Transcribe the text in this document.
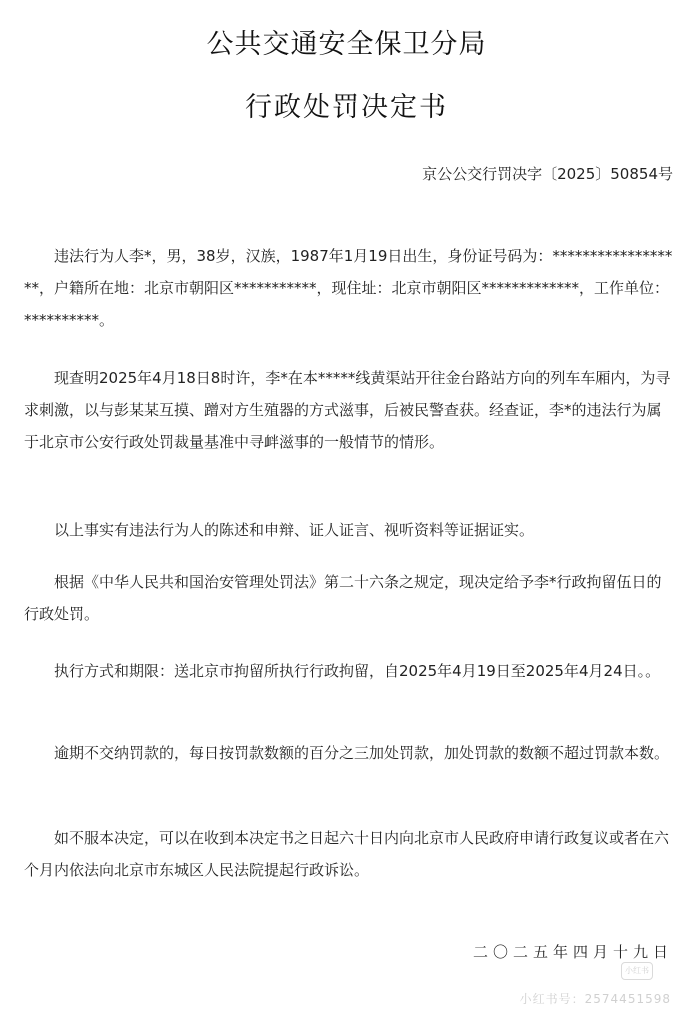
公共交通安全保卫分局
行政处罚决定书
京公公交行罚决字〔2025〕50854号
违法行为人李*，男，38岁，汉族，1987年1月19日出生，身份证号码为：******************，户籍所在地：北京市朝阳区***********，现住址：北京市朝阳区*************，工作单位：**********。
现查明2025年4月18日8时许，李*在本*****线黄渠站开往金台路站方向的列车车厢内，为寻求刺激，以与彭某某互摸、蹭对方生殖器的方式滋事，后被民警查获。经查证，李*的违法行为属于北京市公安行政处罚裁量基准中寻衅滋事的一般情节的情形。
以上事实有违法行为人的陈述和申辩、证人证言、视听资料等证据证实。
根据《中华人民共和国治安管理处罚法》第二十六条之规定，现决定给予李*行政拘留伍日的行政处罚。
执行方式和期限：送北京市拘留所执行行政拘留，自2025年4月19日至2025年4月24日。。
逾期不交纳罚款的，每日按罚款数额的百分之三加处罚款，加处罚款的数额不超过罚款本数。
如不服本决定，可以在收到本决定书之日起六十日内向北京市人民政府申请行政复议或者在六个月内依法向北京市东城区人民法院提起行政诉讼。
二〇二五年四月十九日
小红书
小红书号：2574451598
